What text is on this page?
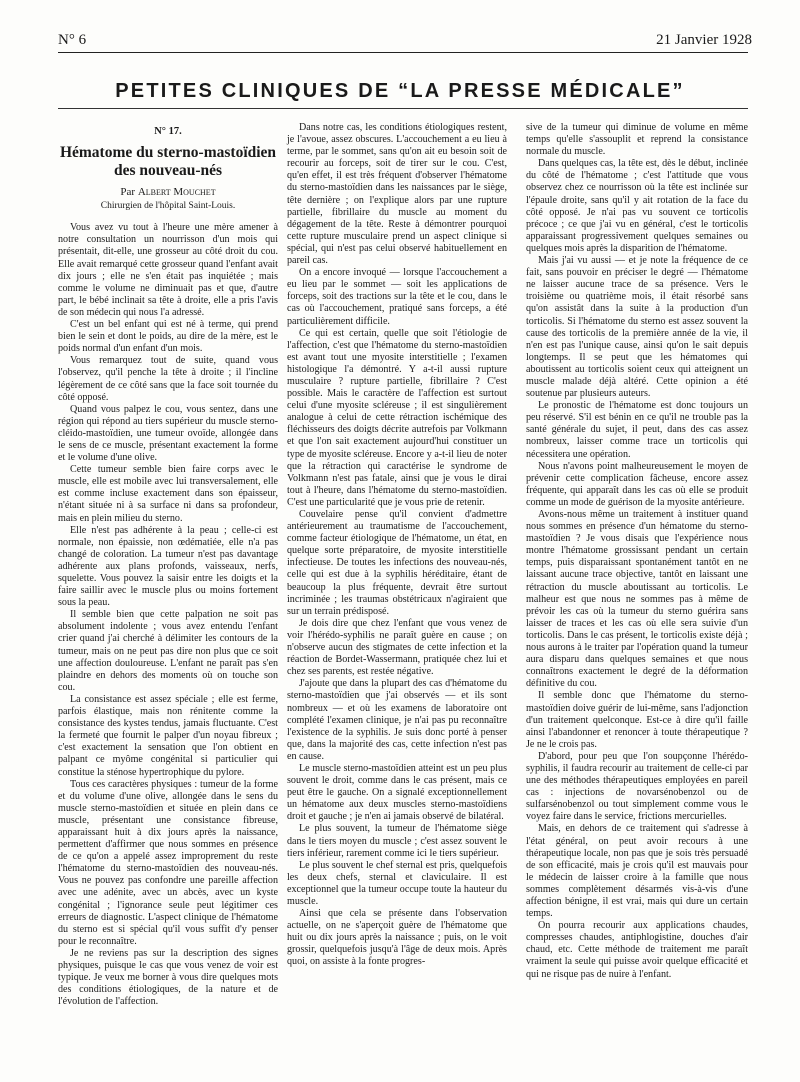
N° 6	21 Janvier 1928
PETITES CLINIQUES DE “LA PRESSE MÉDICALE”
N° 17.
Hématome du sterno-mastoïdien des nouveau-nés
Par Albert Mouchet
Chirurgien de l'hôpital Saint-Louis.

Vous avez vu tout à l'heure une mère amener à notre consultation un nourrisson d'un mois qui présentait, dit-elle, une grosseur au côté droit du cou. Elle avait remarqué cette grosseur quand l'enfant avait dix jours ; elle ne s'en était pas inquiétée ; mais comme le volume ne diminuait pas et que, d'autre part, le bébé inclinait sa tête à droite, elle a pris l'avis de son médecin qui nous l'a adressé.

C'est un bel enfant qui est né à terme, qui prend bien le sein et dont le poids, au dire de la mère, est le poids normal d'un enfant d'un mois.

Vous remarquez tout de suite, quand vous l'observez, qu'il penche la tête à droite ; il l'incline légèrement de ce côté sans que la face soit tournée du côté opposé.

Quand vous palpez le cou, vous sentez, dans une région qui répond au tiers supérieur du muscle sterno-cléido-mastoïdien, une tumeur ovoïde, allongée dans le sens de ce muscle, présentant exactement la forme et le volume d'une olive.

Cette tumeur semble bien faire corps avec le muscle, elle est mobile avec lui transversalement, elle est comme incluse exactement dans son épaisseur, n'étant située ni à sa surface ni dans sa profondeur, mais en plein milieu du sterno.

Elle n'est pas adhérente à la peau ; celle-ci est normale, non épaissie, non œdématiée, elle n'a pas changé de coloration. La tumeur n'est pas davantage adhérente aux plans profonds, vaisseaux, nerfs, squelette. Vous pouvez la saisir entre les doigts et la faire saillir avec le muscle plus ou moins fortement sous la peau.

Il semble bien que cette palpation ne soit pas absolument indolente ; vous avez entendu l'enfant crier quand j'ai cherché à délimiter les contours de la tumeur, mais on ne peut pas dire non plus que ce soit une affection douloureuse. L'enfant ne paraît pas s'en plaindre en dehors des moments où on touche son cou.

La consistance est assez spéciale ; elle est ferme, parfois élastique, mais non rénitente comme la consistance des kystes tendus, jamais fluctuante. C'est la fermeté que fournit le palper d'un noyau fibreux ; c'est exactement la sensation que l'on obtient en palpant ce myôme congénital si particulier qui constitue la sténose hypertrophique du pylore.

Tous ces caractères physiques : tumeur de la forme et du volume d'une olive, allongée dans le sens du muscle sterno-mastoïdien et située en plein dans ce muscle, présentant une consistance fibreuse, apparaissant huit à dix jours après la naissance, permettent d'affirmer que nous sommes en présence de ce qu'on a appelé assez improprement du reste l'hématome du sterno-mastoïdien des nouveau-nés. Vous ne pouvez pas confondre une pareille affection avec une adénite, avec un abcès, avec un kyste congénital ; l'ignorance seule peut légitimer ces erreurs de diagnostic. L'aspect clinique de l'hématome du sterno est si spécial qu'il vous suffit d'y penser pour le reconnaître.

Je ne reviens pas sur la description des signes physiques, puisque le cas que vous venez de voir est typique. Je veux me borner à vous dire quelques mots des conditions étiologiques, de la nature et de l'évolution de l'affection.

Dans notre cas, les conditions étiologiques restent, je l'avoue, assez obscures. L'accouchement a eu lieu à terme, par le sommet, sans qu'on ait eu besoin soit de recourir au forceps, soit de tirer sur le cou. C'est, qu'en effet, il est très fréquent d'observer l'hématome du sterno-mastoïdien dans les naissances par le siège, tête dernière ; on l'explique alors par une rupture partielle, fibrillaire du muscle au moment du dégagement de la tête. Reste à démontrer pourquoi cette rupture musculaire prend un aspect clinique si spécial, qui n'est pas celui observé habituellement en pareil cas.

On a encore invoqué — lorsque l'accouchement a eu lieu par le sommet — soit les applications de forceps, soit des tractions sur la tête et le cou, dans le cas où l'accouchement, pratiqué sans forceps, a été particulièrement difficile.

Ce qui est certain, quelle que soit l'étiologie de l'affection, c'est que l'hématome du sterno-mastoïdien est avant tout une myosite interstitielle ; l'examen histologique l'a démontré. Y a-t-il aussi rupture musculaire ? rupture partielle, fibrillaire ? C'est possible. Mais le caractère de l'affection est surtout celui d'une myosite scléreuse ; il est singulièrement analogue à celui de cette rétraction ischémique des fléchisseurs des doigts décrite autrefois par Volkmann et que l'on sait exactement aujourd'hui constituer un type de myosite scléreuse. Encore y a-t-il lieu de noter que la rétraction qui caractérise le syndrome de Volkmann n'est pas fatale, ainsi que je vous le dirai tout à l'heure, dans l'hématome du sterno-mastoïdien. C'est une particularité que je vous prie de retenir.

Couvelaire pense qu'il convient d'admettre antérieurement au traumatisme de l'accouchement, comme facteur étiologique de l'hématome, un état, en quelque sorte préparatoire, de myosite interstitielle infectieuse. De toutes les infections des nouveau-nés, celle qui est due à la syphilis héréditaire, étant de beaucoup la plus fréquente, devrait être surtout incriminée ; les traumas obstétricaux n'agiraient que sur un terrain prédisposé.

Je dois dire que chez l'enfant que vous venez de voir l'hérédo-syphilis ne paraît guère en cause ; on n'observe aucun des stigmates de cette infection et la réaction de Bordet-Wassermann, pratiquée chez lui et chez ses parents, est restée négative.

J'ajoute que dans la plupart des cas d'hématome du sterno-mastoïdien que j'ai observés — et ils sont nombreux — et où les examens de laboratoire ont complété l'examen clinique, je n'ai pas pu reconnaître l'existence de la syphilis. Je suis donc porté à penser que, dans la majorité des cas, cette infection n'est pas en cause.

Le muscle sterno-mastoïdien atteint est un peu plus souvent le droit, comme dans le cas présent, mais ce peut être le gauche. On a signalé exceptionnellement un hématome aux deux muscles sterno-mastoïdiens droit et gauche ; je n'en ai jamais observé de bilatéral.

Le plus souvent, la tumeur de l'hématome siège dans le tiers moyen du muscle ; c'est assez souvent le tiers inférieur, rarement comme ici le tiers supérieur.

Le plus souvent le chef sternal est pris, quelquefois les deux chefs, sternal et claviculaire. Il est exceptionnel que la tumeur occupe toute la hauteur du muscle.

Ainsi que cela se présente dans l'observation actuelle, on ne s'aperçoit guère de l'hématome que huit ou dix jours après la naissance ; puis, on le voit grossir, quelquefois jusqu'à l'âge de deux mois. Après quoi, on assiste à la fonte progres-

sive de la tumeur qui diminue de volume en même temps qu'elle s'assouplit et reprend la consistance normale du muscle.

Dans quelques cas, la tête est, dès le début, inclinée du côté de l'hématome ; c'est l'attitude que vous observez chez ce nourrisson où la tête est inclinée sur l'épaule droite, sans qu'il y ait rotation de la face du côté opposé. Je n'ai pas vu souvent ce torticolis précoce ; ce que j'ai vu en général, c'est le torticolis apparaissant progressivement quelques semaines ou quelques mois après la disparition de l'hématome.

Mais j'ai vu aussi — et je note la fréquence de ce fait, sans pouvoir en préciser le degré — l'hématome ne laisser aucune trace de sa présence. Vers le troisième ou quatrième mois, il était résorbé sans qu'on assistât dans la suite à la production d'un torticolis. Si l'hématome du sterno est assez souvent la cause des torticolis de la première année de la vie, il n'en est pas l'unique cause, ainsi qu'on le sait depuis longtemps. Il se peut que les hématomes qui aboutissent au torticolis soient ceux qui atteignent un muscle malade déjà altéré. Cette opinion a été soutenue par plusieurs auteurs.

Le pronostic de l'hématome est donc toujours un peu réservé. S'il est bénin en ce qu'il ne trouble pas la santé générale du sujet, il peut, dans des cas assez nombreux, laisser comme trace un torticolis qui nécessitera une opération.

Nous n'avons point malheureusement le moyen de prévenir cette complication fâcheuse, encore assez fréquente, qui apparaît dans les cas où elle se produit comme un mode de guérison de la myosite antérieure.

Avons-nous même un traitement à instituer quand nous sommes en présence d'un hématome du sterno-mastoïdien ? Je vous disais que l'expérience nous montre l'hématome grossissant pendant un certain temps, puis disparaissant spontanément tantôt en ne laissant aucune trace objective, tantôt en laissant une rétraction du muscle aboutissant au torticolis. Le malheur est que nous ne sommes pas à même de prévoir les cas où la tumeur du sterno guérira sans laisser de traces et les cas où elle sera suivie d'un torticolis. Dans le cas présent, le torticolis existe déjà ; nous aurons à le traiter par l'opération quand la tumeur aura disparu dans quelques semaines et que nous connaîtrons exactement le degré de la déformation définitive du cou.

Il semble donc que l'hématome du sterno-mastoïdien doive guérir de lui-même, sans l'adjonction d'un traitement quelconque. Est-ce à dire qu'il faille ainsi l'abandonner et renoncer à toute thérapeutique ? Je ne le crois pas.

D'abord, pour peu que l'on soupçonne l'hérédo-syphilis, il faudra recourir au traitement de celle-ci par une des méthodes thérapeutiques employées en pareil cas : injections de novarsénobenzol ou de sulfarsénobenzol ou tout simplement comme vous le voyez faire dans le service, frictions mercurielles.

Mais, en dehors de ce traitement qui s'adresse à l'état général, on peut avoir recours à une thérapeutique locale, non pas que je sois très persuadé de son efficacité, mais je crois qu'il est mauvais pour le médecin de laisser croire à la famille que nous sommes complètement désarmés vis-à-vis d'une affection bénigne, il est vrai, mais qui dure un certain temps.

On pourra recourir aux applications chaudes, compresses chaudes, antiphlogistine, douches d'air chaud, etc. Cette méthode de traitement me paraît vraiment la seule qui puisse avoir quelque efficacité et qui ne risque pas de nuire à l'enfant.
